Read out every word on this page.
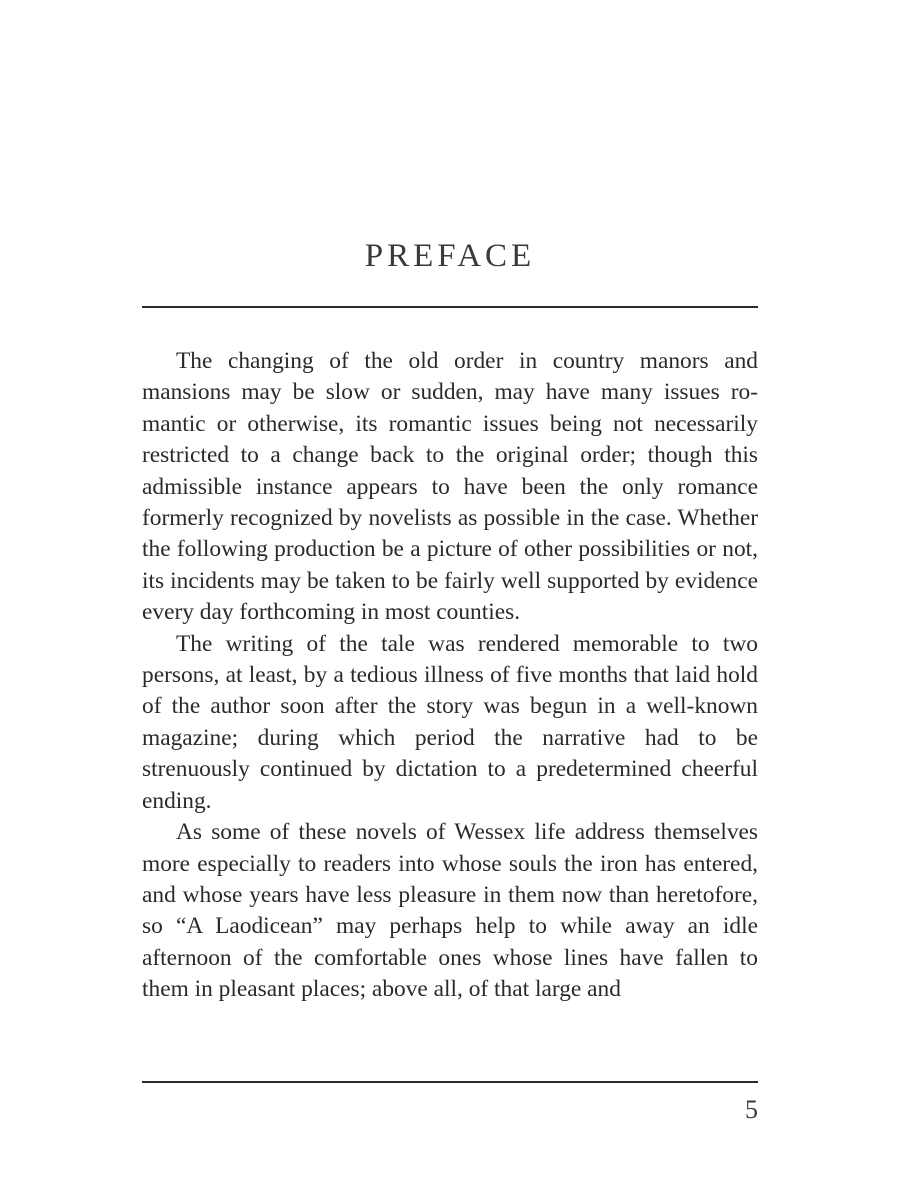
PREFACE

The changing of the old order in country manors and mansions may be slow or sudden, may have many issues romantic or otherwise, its romantic issues being not necessarily restricted to a change back to the original order; though this admissible instance appears to have been the only romance formerly recognized by novelists as possible in the case. Whether the following production be a picture of other possibilities or not, its incidents may be taken to be fairly well supported by evidence every day forthcoming in most counties.

The writing of the tale was rendered memorable to two persons, at least, by a tedious illness of five months that laid hold of the author soon after the story was begun in a well-known magazine; during which period the narrative had to be strenuously continued by dictation to a predetermined cheerful ending.

As some of these novels of Wessex life address themselves more especially to readers into whose souls the iron has entered, and whose years have less pleasure in them now than heretofore, so “A Laodicean” may perhaps help to while away an idle afternoon of the comfortable ones whose lines have fallen to them in pleasant places; above all, of that large and

5
